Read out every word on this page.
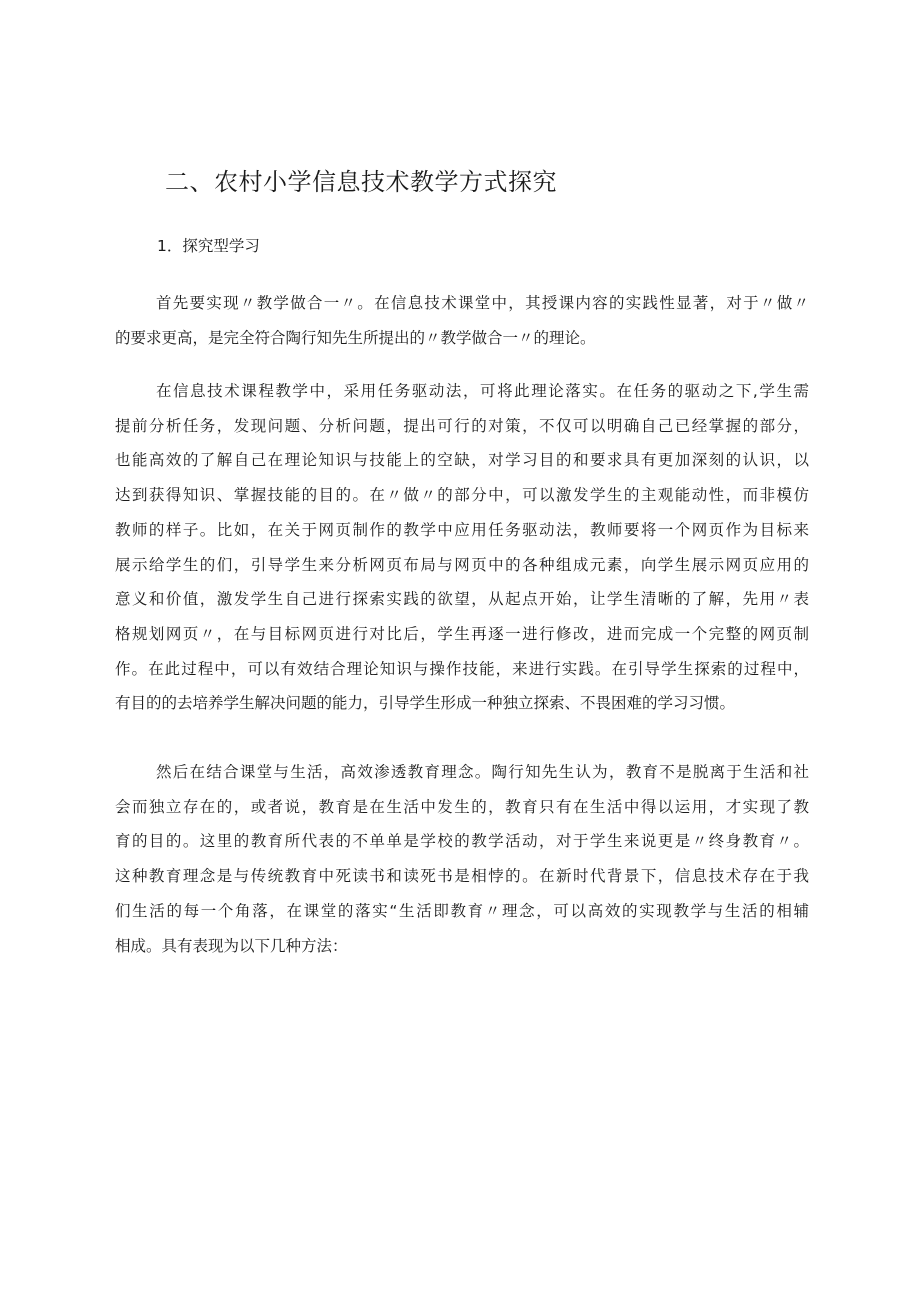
二、农村小学信息技术教学方式探究
1．探究型学习

首先要实现〃教学做合一〃。在信息技术课堂中，其授课内容的实践性显著，对于〃做〃
的要求更高，是完全符合陶行知先生所提出的〃教学做合一〃的理论。

在信息技术课程教学中，采用任务驱动法，可将此理论落实。在任务的驱动之下,学生需
提前分析任务，发现问题、分析问题，提出可行的对策，不仅可以明确自己已经掌握的部分，
也能高效的了解自己在理论知识与技能上的空缺，对学习目的和要求具有更加深刻的认识，以
达到获得知识、掌握技能的目的。在〃做〃的部分中，可以激发学生的主观能动性，而非模仿
教师的样子。比如，在关于网页制作的教学中应用任务驱动法，教师要将一个网页作为目标来
展示给学生的们，引导学生来分析网页布局与网页中的各种组成元素，向学生展示网页应用的
意义和价值，激发学生自己进行探索实践的欲望，从起点开始，让学生清晰的了解，先用〃表
格规划网页〃，在与目标网页进行对比后，学生再逐一进行修改，进而完成一个完整的网页制
作。在此过程中，可以有效结合理论知识与操作技能，来进行实践。在引导学生探索的过程中，
有目的的去培养学生解决问题的能力，引导学生形成一种独立探索、不畏困难的学习习惯。

然后在结合课堂与生活，高效渗透教育理念。陶行知先生认为，教育不是脱离于生活和社
会而独立存在的，或者说，教育是在生活中发生的，教育只有在生活中得以运用，才实现了教
育的目的。这里的教育所代表的不单单是学校的教学活动，对于学生来说更是〃终身教育〃。
这种教育理念是与传统教育中死读书和读死书是相悖的。在新时代背景下，信息技术存在于我
们生活的每一个角落，在课堂的落实“生活即教育〃理念，可以高效的实现教学与生活的相辅
相成。具有表现为以下几种方法：
